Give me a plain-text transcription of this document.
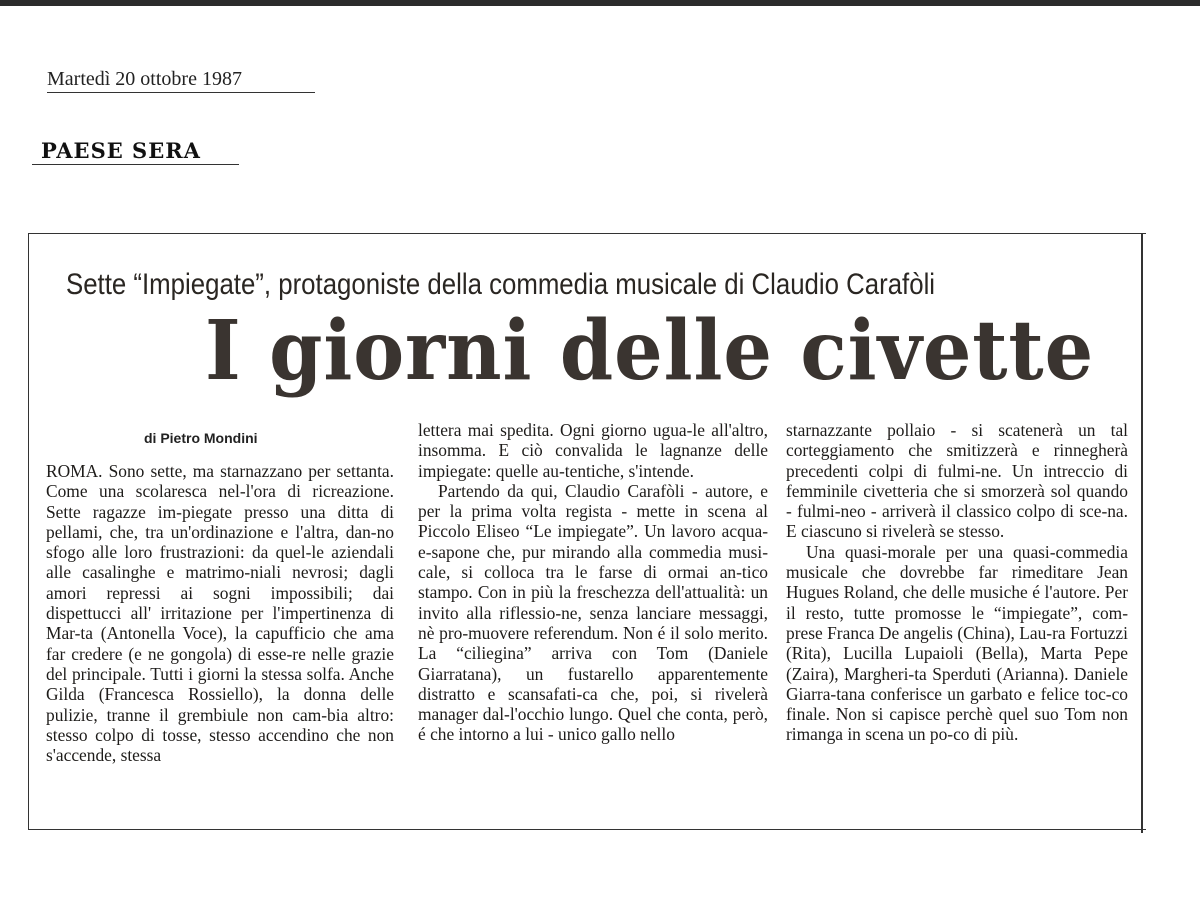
Martedì 20 ottobre 1987
PAESE SERA
Sette “Impiegate”, protagoniste della commedia musicale di Claudio Carafòli
I giorni delle civette
di Pietro Mondini

ROMA. Sono sette, ma starnazzano per settanta. Come una scolaresca nel-l'ora di ricreazione. Sette ragazze im-piegate presso una ditta di pellami, che, tra un'ordinazione e l'altra, dan-no sfogo alle loro frustrazioni: da quel-le aziendali alle casalinghe e matrimo-niali nevrosi; dagli amori repressi ai sogni impossibili; dai dispettucci all' irritazione per l'impertinenza di Mar-ta (Antonella Voce), la capufficio che ama far credere (e ne gongola) di esse-re nelle grazie del principale. Tutti i giorni la stessa solfa. Anche Gilda (Francesca Rossiello), la donna delle pulizie, tranne il grembiule non cam-bia altro: stesso colpo di tosse, stesso accendino che non s'accende, stessa

lettera mai spedita. Ogni giorno ugua-le all'altro, insomma. E ciò convalida le lagnanze delle impiegate: quelle au-tentiche, s'intende.

Partendo da qui, Claudio Carafòli - autore, e per la prima volta regista - mette in scena al Piccolo Eliseo “Le impiegate”. Un lavoro acqua-e-sapone che, pur mirando alla commedia musi-cale, si colloca tra le farse di ormai an-tico stampo. Con in più la freschezza dell'attualità: un invito alla riflessio-ne, senza lanciare messaggi, nè pro-muovere referendum. Non é il solo merito. La “ciliegina” arriva con Tom (Daniele Giarratana), un fustarello apparentemente distratto e scansafati-ca che, poi, si rivelerà manager dal-l'occhio lungo. Quel che conta, però, é che intorno a lui - unico gallo nello

starnazzante pollaio - si scatenerà un tal corteggiamento che smitizzerà e rinnegherà precedenti colpi di fulmi-ne. Un intreccio di femminile civetteria che si smorzerà sol quando - fulmi-neo - arriverà il classico colpo di sce-na. E ciascuno si rivelerà se stesso.

Una quasi-morale per una quasi-commedia musicale che dovrebbe far rimeditare Jean Hugues Roland, che delle musiche é l'autore. Per il resto, tutte promosse le “impiegate”, com-prese Franca De angelis (China), Lau-ra Fortuzzi (Rita), Lucilla Lupaioli (Bella), Marta Pepe (Zaira), Margheri-ta Sperduti (Arianna). Daniele Giarra-tana conferisce un garbato e felice toc-co finale. Non si capisce perchè quel suo Tom non rimanga in scena un po-co di più.
